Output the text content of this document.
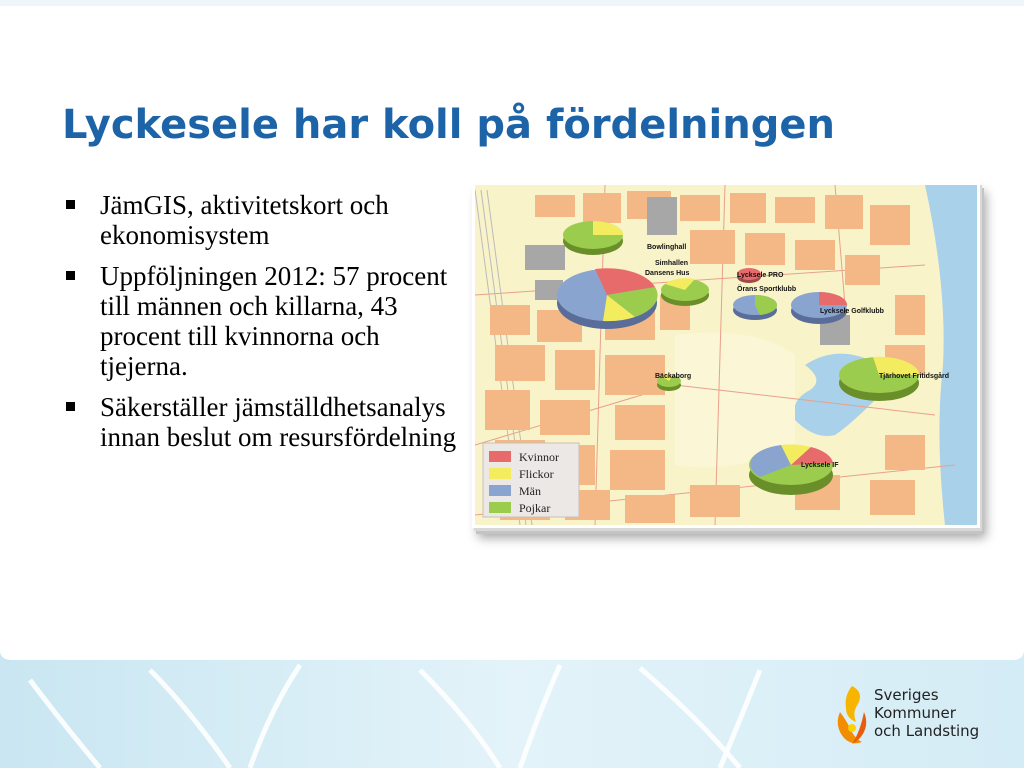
Lyckesele har koll på fördelningen
JämGIS, aktivitetskort och ekonomisystem
Uppföljningen 2012: 57 procent till männen och killarna, 43 procent till kvinnorna och tjejerna.
Säkerställer jämställdhetsanalys innan beslut om resursfördelning
Bowlinghall
Simhallen
Dansens Hus	Lycksele PRO
Örans Sportklubb
Lycksele Golfklubb
Tjärhovet Fritidsgård
Bäckaborg
Lycksele IF
Kvinnor
Flickor
Män
Pojkar
Sveriges
Kommuner
och Landsting
